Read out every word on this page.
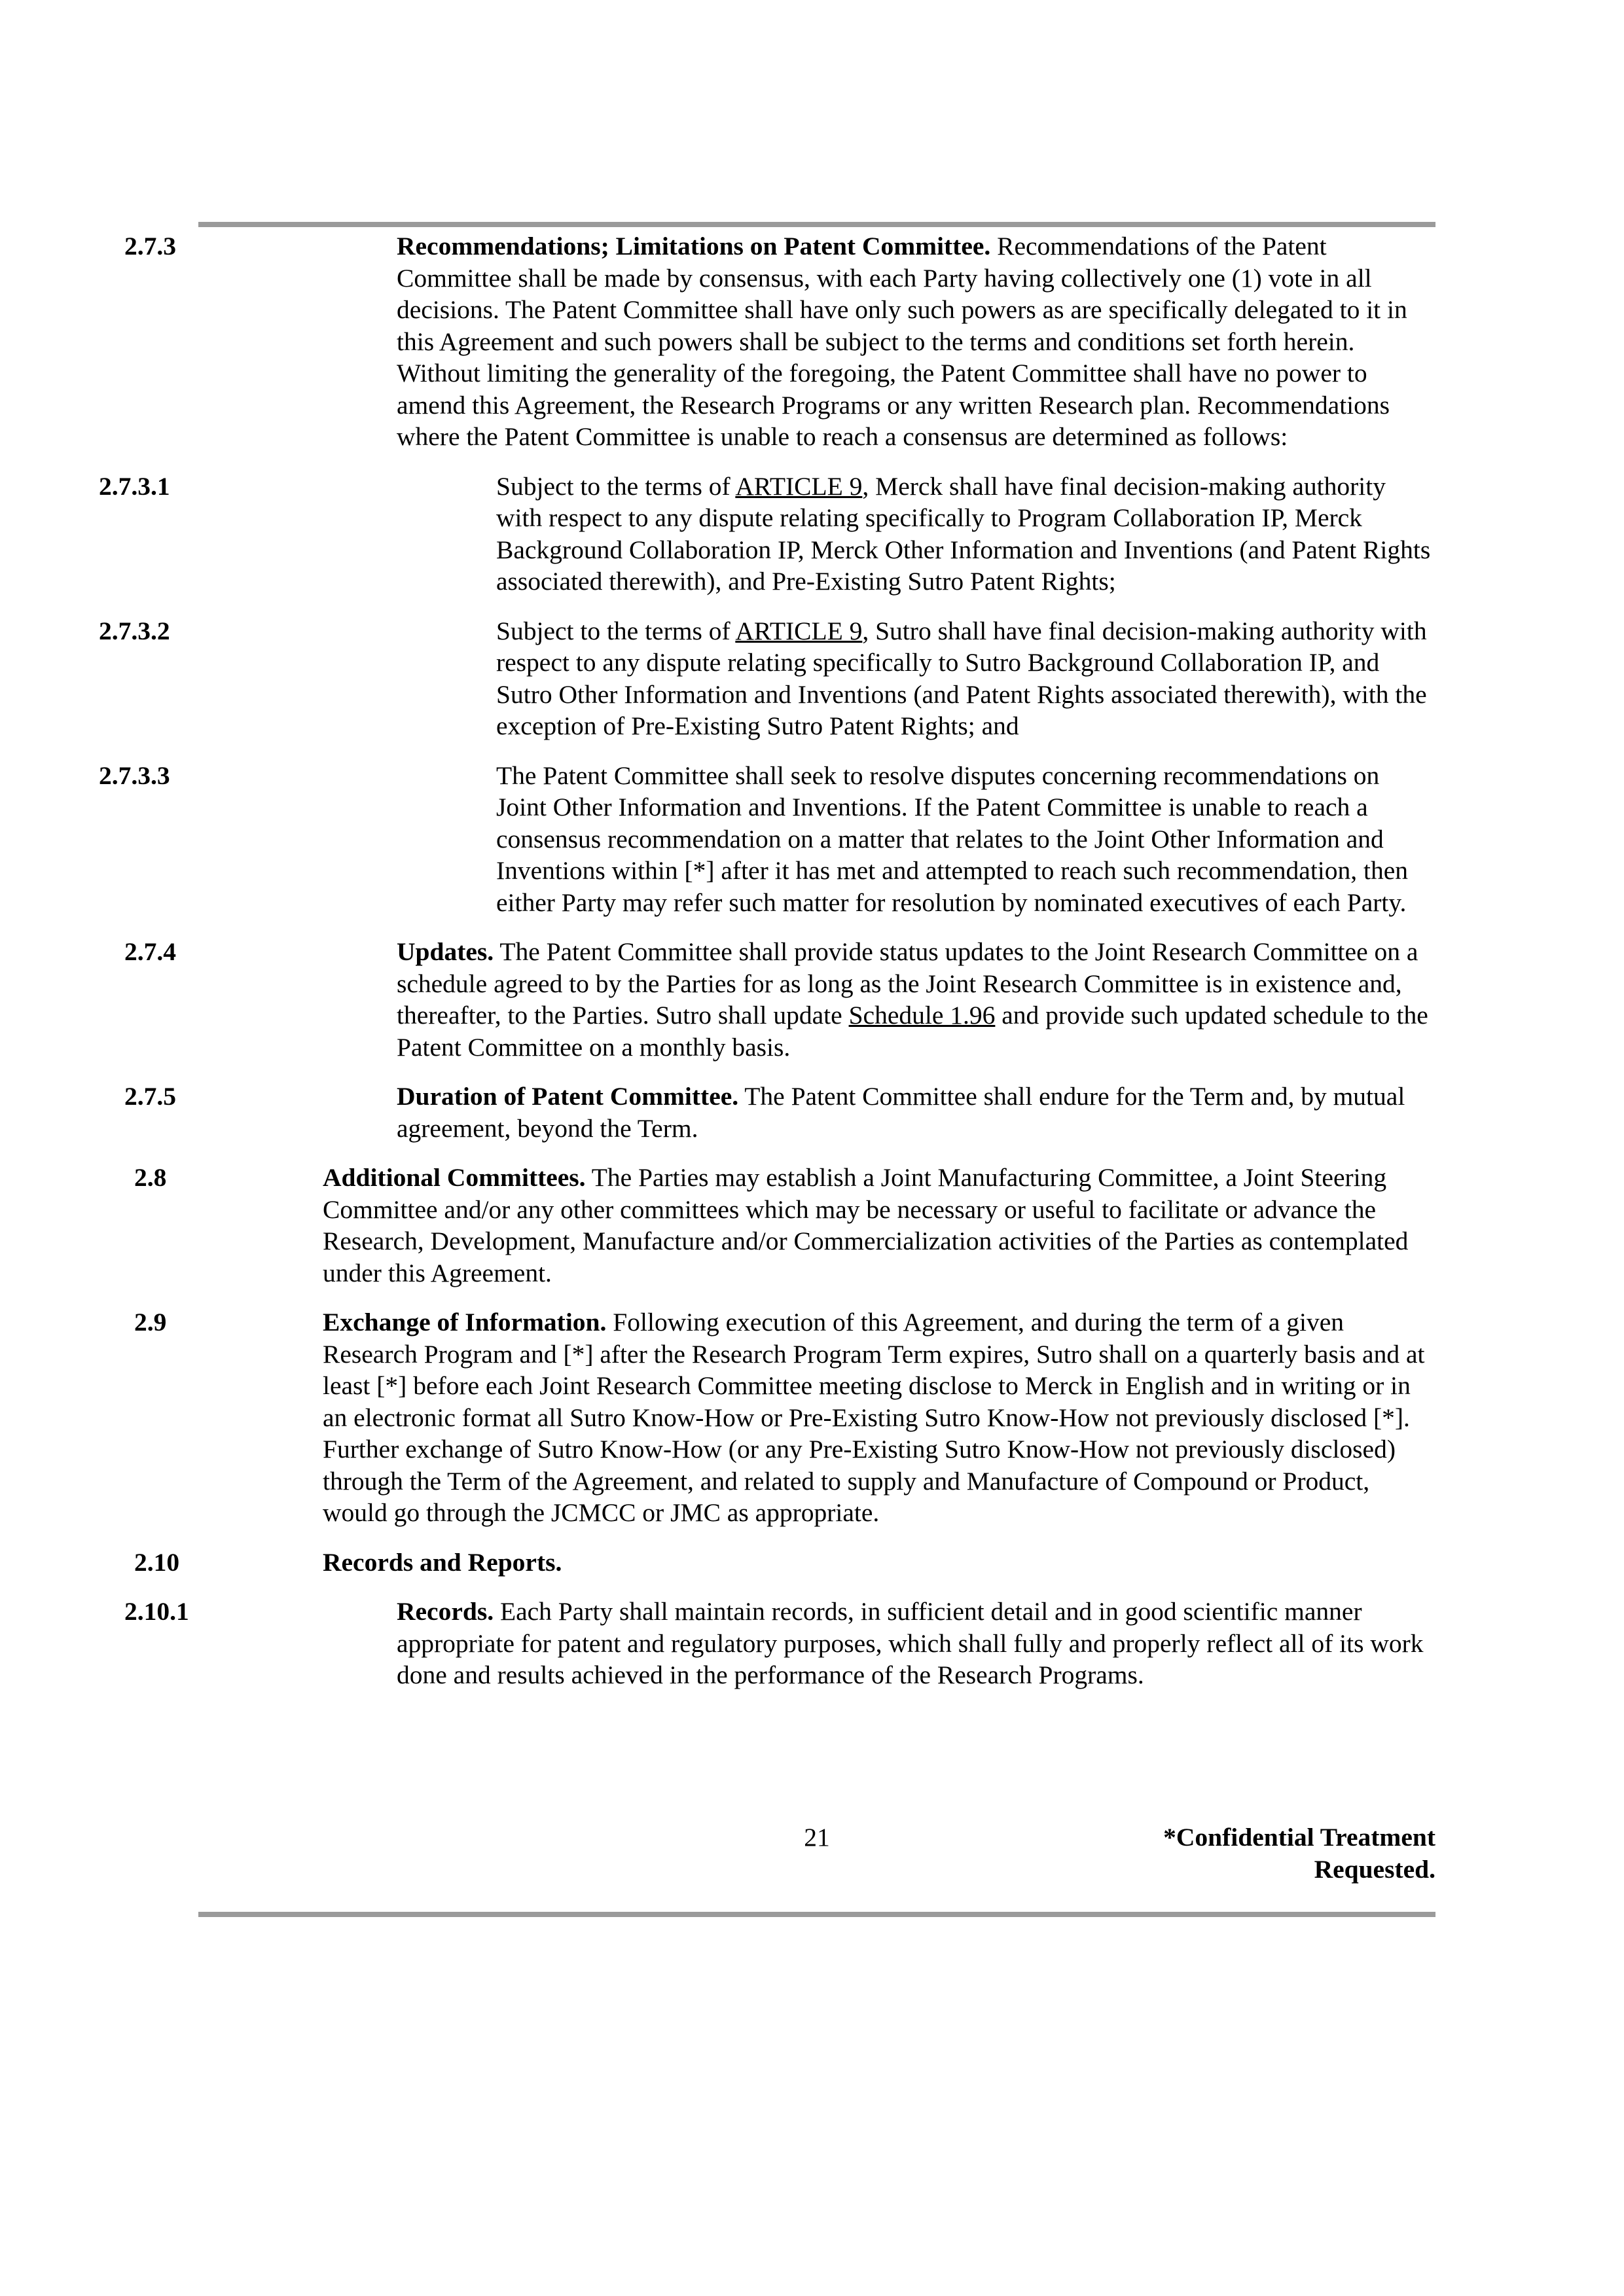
2.7.3	Recommendations; Limitations on Patent Committee. Recommendations of the Patent Committee shall be made by consensus, with each Party having collectively one (1) vote in all decisions. The Patent Committee shall have only such powers as are specifically delegated to it in this Agreement and such powers shall be subject to the terms and conditions set forth herein. Without limiting the generality of the foregoing, the Patent Committee shall have no power to amend this Agreement, the Research Programs or any written Research plan. Recommendations where the Patent Committee is unable to reach a consensus are determined as follows:
2.7.3.1	Subject to the terms of ARTICLE 9, Merck shall have final decision-making authority with respect to any dispute relating specifically to Program Collaboration IP, Merck Background Collaboration IP, Merck Other Information and Inventions (and Patent Rights associated therewith), and Pre-Existing Sutro Patent Rights;
2.7.3.2	Subject to the terms of ARTICLE 9, Sutro shall have final decision-making authority with respect to any dispute relating specifically to Sutro Background Collaboration IP, and Sutro Other Information and Inventions (and Patent Rights associated therewith), with the exception of Pre-Existing Sutro Patent Rights; and
2.7.3.3	The Patent Committee shall seek to resolve disputes concerning recommendations on Joint Other Information and Inventions. If the Patent Committee is unable to reach a consensus recommendation on a matter that relates to the Joint Other Information and Inventions within [*] after it has met and attempted to reach such recommendation, then either Party may refer such matter for resolution by nominated executives of each Party.
2.7.4	Updates. The Patent Committee shall provide status updates to the Joint Research Committee on a schedule agreed to by the Parties for as long as the Joint Research Committee is in existence and, thereafter, to the Parties. Sutro shall update Schedule 1.96 and provide such updated schedule to the Patent Committee on a monthly basis.
2.7.5	Duration of Patent Committee. The Patent Committee shall endure for the Term and, by mutual agreement, beyond the Term.
2.8	Additional Committees. The Parties may establish a Joint Manufacturing Committee, a Joint Steering Committee and/or any other committees which may be necessary or useful to facilitate or advance the Research, Development, Manufacture and/or Commercialization activities of the Parties as contemplated under this Agreement.
2.9	Exchange of Information. Following execution of this Agreement, and during the term of a given Research Program and [*] after the Research Program Term expires, Sutro shall on a quarterly basis and at least [*] before each Joint Research Committee meeting disclose to Merck in English and in writing or in an electronic format all Sutro Know-How or Pre-Existing Sutro Know-How not previously disclosed [*]. Further exchange of Sutro Know-How (or any Pre-Existing Sutro Know-How not previously disclosed) through the Term of the Agreement, and related to supply and Manufacture of Compound or Product, would go through the JCMCC or JMC as appropriate.
2.10	Records and Reports.
2.10.1	Records. Each Party shall maintain records, in sufficient detail and in good scientific manner appropriate for patent and regulatory purposes, which shall fully and properly reflect all of its work done and results achieved in the performance of the Research Programs.
21	*Confidential Treatment Requested.
